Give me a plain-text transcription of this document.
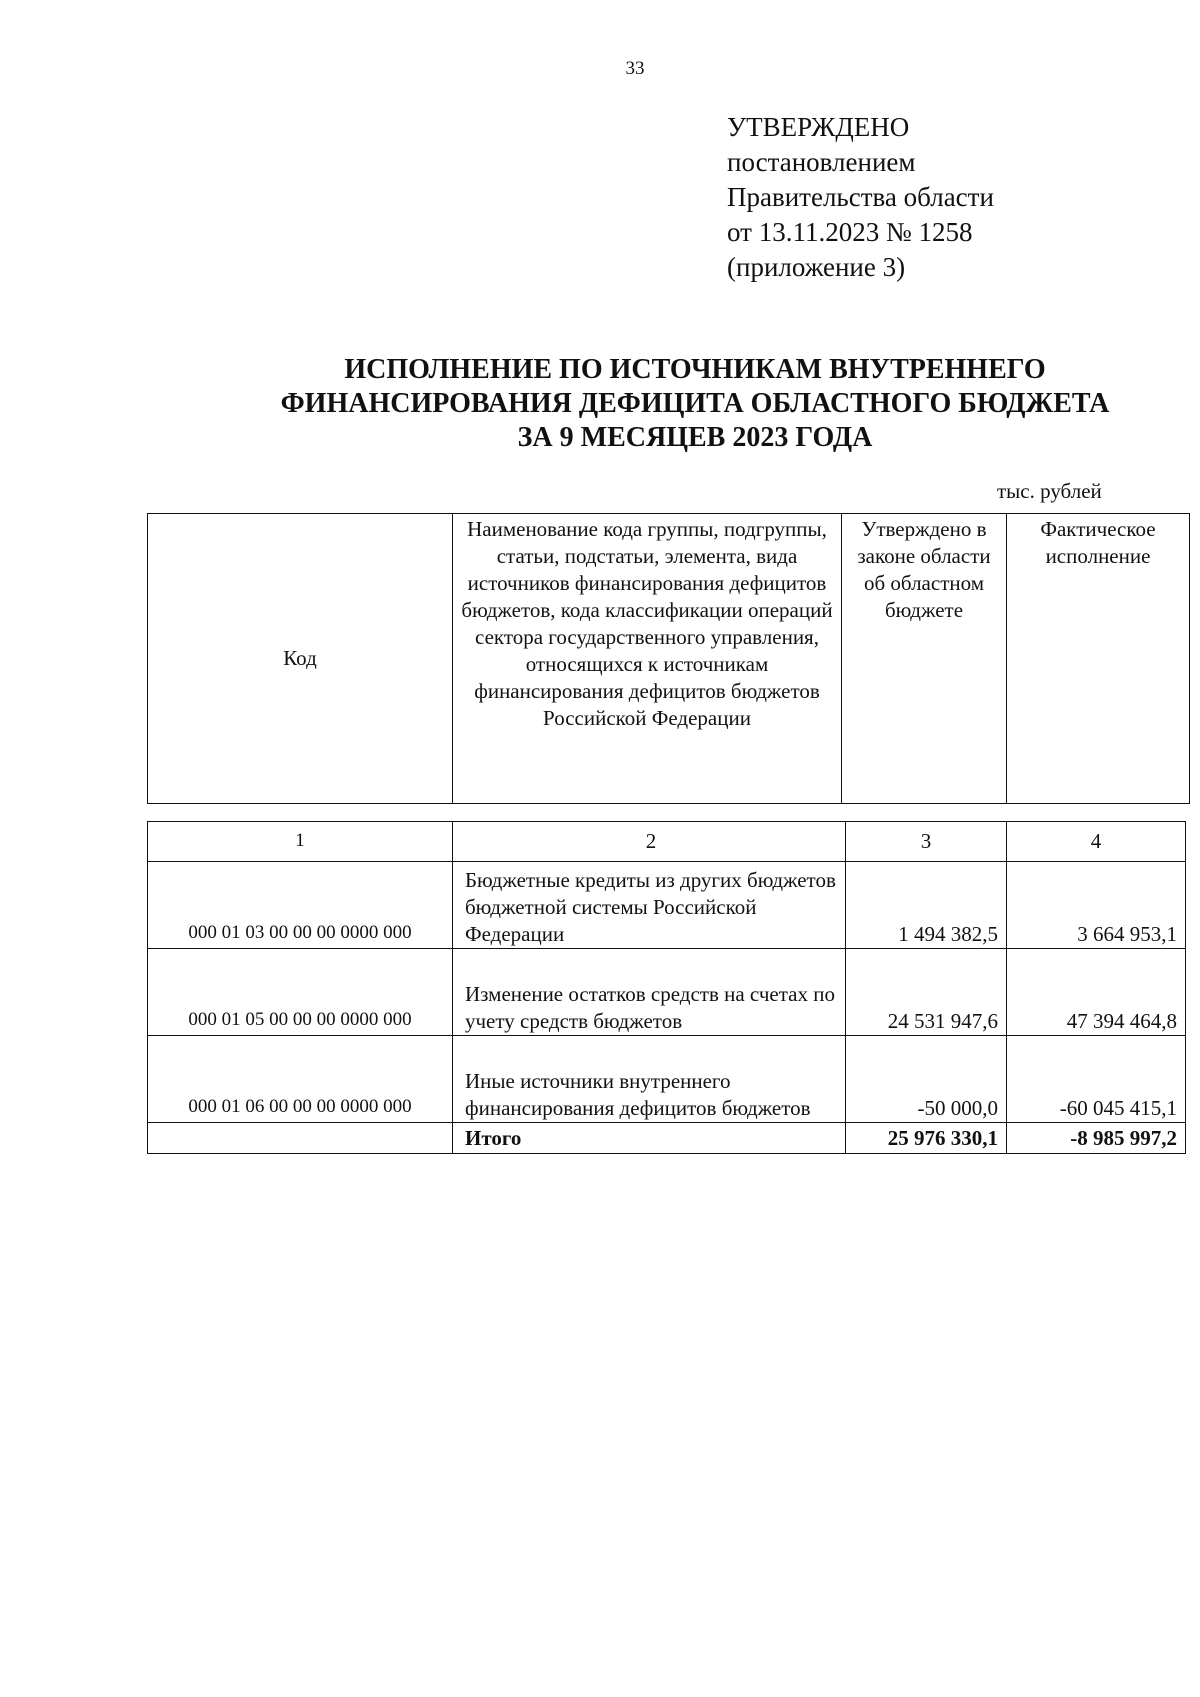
33
УТВЕРЖДЕНО
постановлением
Правительства области
от 13.11.2023 № 1258
(приложение 3)
ИСПОЛНЕНИЕ ПО ИСТОЧНИКАМ ВНУТРЕННЕГО
ФИНАНСИРОВАНИЯ ДЕФИЦИТА ОБЛАСТНОГО БЮДЖЕТА
ЗА 9 МЕСЯЦЕВ 2023 ГОДА
тыс. рублей
Код	Наименование кода группы, подгруппы, статьи, подстатьи, элемента, вида источников финансирования дефицитов бюджетов, кода классификации операций сектора государственного управления, относящихся к источникам финансирования дефицитов бюджетов Российской Федерации	Утверждено в законе области об областном бюджете	Фактическое исполнение
1	2	3	4
000 01 03 00 00 00 0000 000	Бюджетные кредиты из других бюджетов бюджетной системы Российской Федерации	1 494 382,5	3 664 953,1
000 01 05 00 00 00 0000 000	Изменение остатков средств на счетах по учету средств бюджетов	24 531 947,6	47 394 464,8
000 01 06 00 00 00 0000 000	Иные источники внутреннего финансирования дефицитов бюджетов	-50 000,0	-60 045 415,1
	Итого	25 976 330,1	-8 985 997,2
